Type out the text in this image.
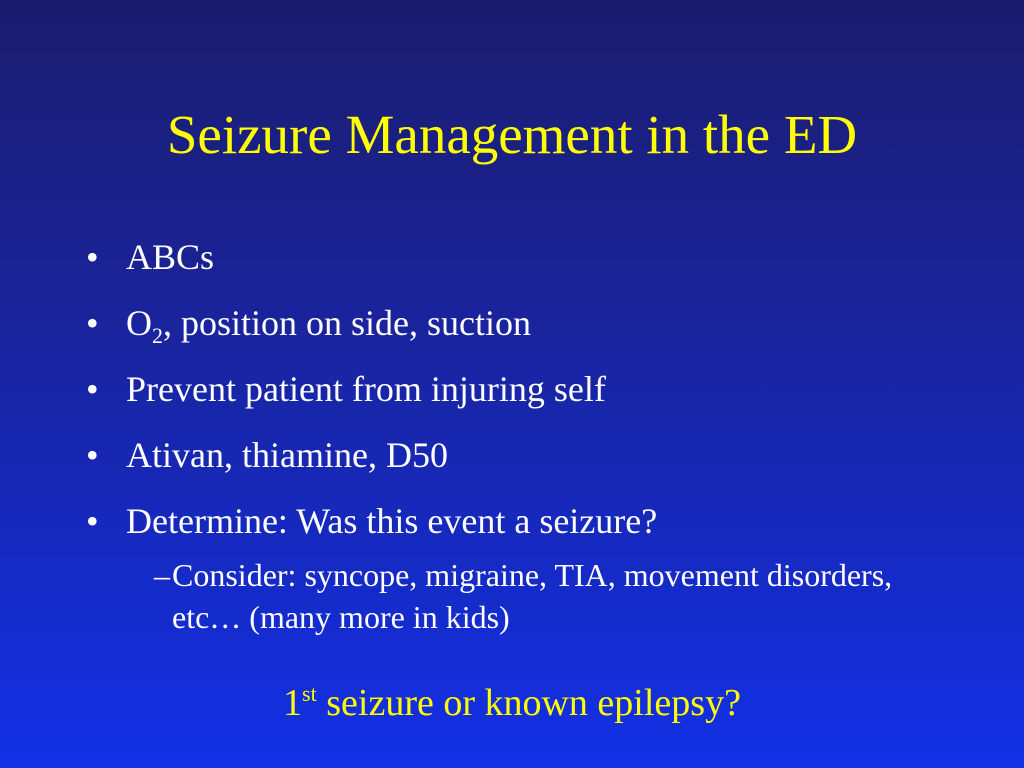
Seizure Management in the ED
• ABCs
• $O_2$, position on side, suction
• Prevent patient from injuring self
• Ativan, thiamine, D50
• Determine: Was this event a seizure?
– Consider: syncope, migraine, TIA, movement disorders, etc… (many more in kids)
1st seizure or known epilepsy?
